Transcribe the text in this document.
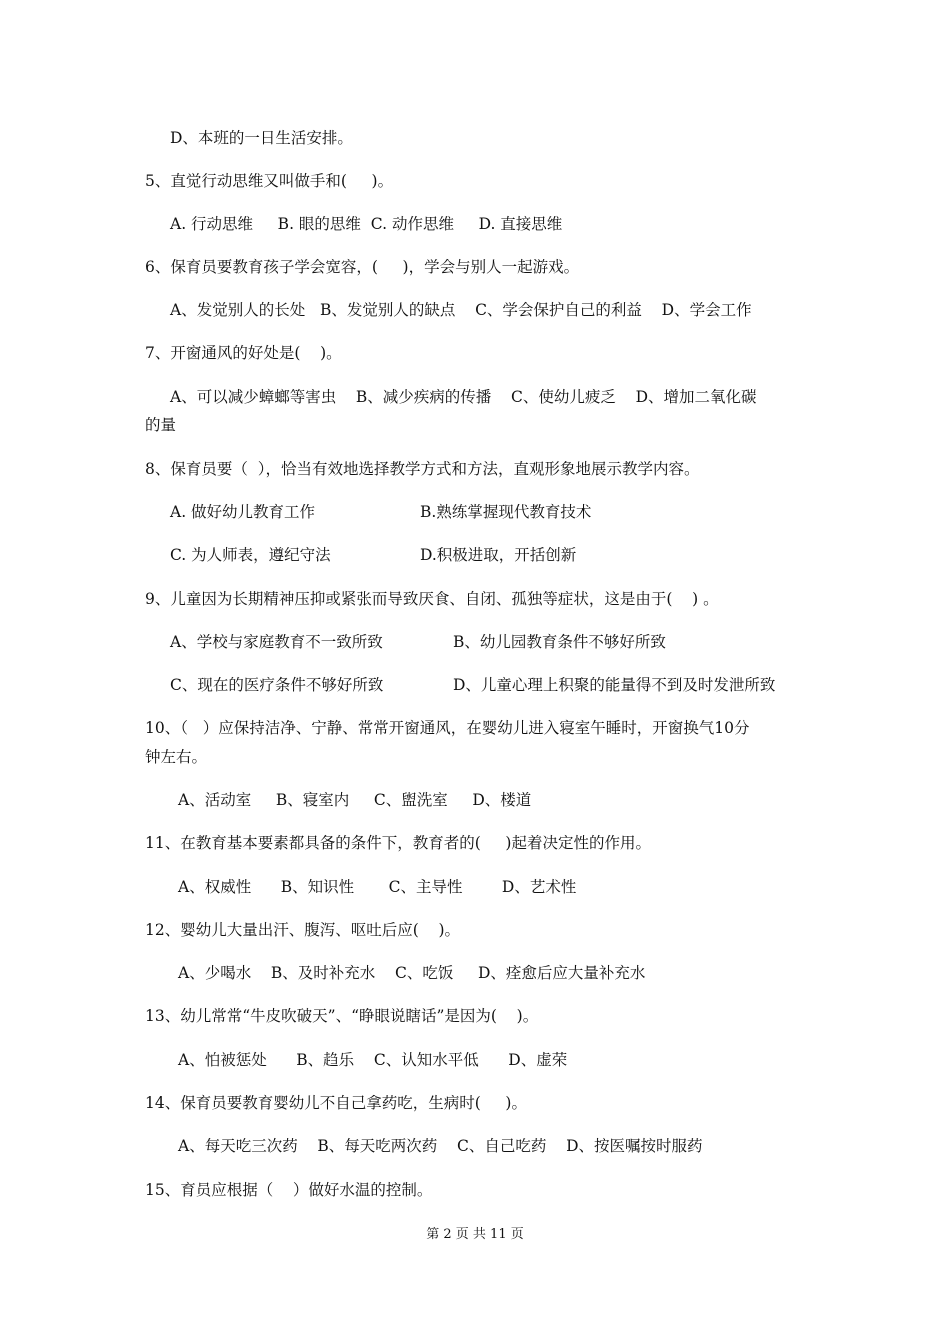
D、本班的一日生活安排。
5、直觉行动思维又叫做手和(     )。
A. 行动思维     B. 眼的思维  C. 动作思维     D. 直接思维
6、保育员要教育孩子学会宽容，(     )，学会与别人一起游戏。
A、发觉别人的长处   B、发觉别人的缺点    C、学会保护自己的利益    D、学会工作
7、开窗通风的好处是(    )。
A、可以减少蟑螂等害虫    B、减少疾病的传播    C、使幼儿疲乏    D、增加二氧化碳
的量
8、保育员要（  ），恰当有效地选择教学方式和方法，直观形象地展示教学内容。
A. 做好幼儿教育工作	B.熟练掌握现代教育技术
C. 为人师表，遵纪守法	D.积极进取，开括创新
9、儿童因为长期精神压抑或紧张而导致厌食、自闭、孤独等症状，这是由于(    ) 。
A、学校与家庭教育不一致所致	B、幼儿园教育条件不够好所致
C、现在的医疗条件不够好所致	D、儿童心理上积聚的能量得不到及时发泄所致
10、（   ）应保持洁净、宁静、常常开窗通风，在婴幼儿进入寝室午睡时，开窗换气10分
钟左右。
A、活动室     B、寝室内     C、盥洗室     D、楼道
11、在教育基本要素都具备的条件下，教育者的(     )起着决定性的作用。
A、权威性      B、知识性       C、主导性        D、艺术性
12、婴幼儿大量出汗、腹泻、呕吐后应(    )。
A、少喝水    B、及时补充水    C、吃饭     D、痊愈后应大量补充水
13、幼儿常常“牛皮吹破天”、“睁眼说瞎话”是因为(    )。
A、怕被惩处      B、趋乐    C、认知水平低      D、虚荣
14、保育员要教育婴幼儿不自己拿药吃，生病时(     )。
A、每天吃三次药    B、每天吃两次药    C、自己吃药    D、按医嘱按时服药
15、育员应根据（    ）做好水温的控制。
第 2 页 共 11 页
